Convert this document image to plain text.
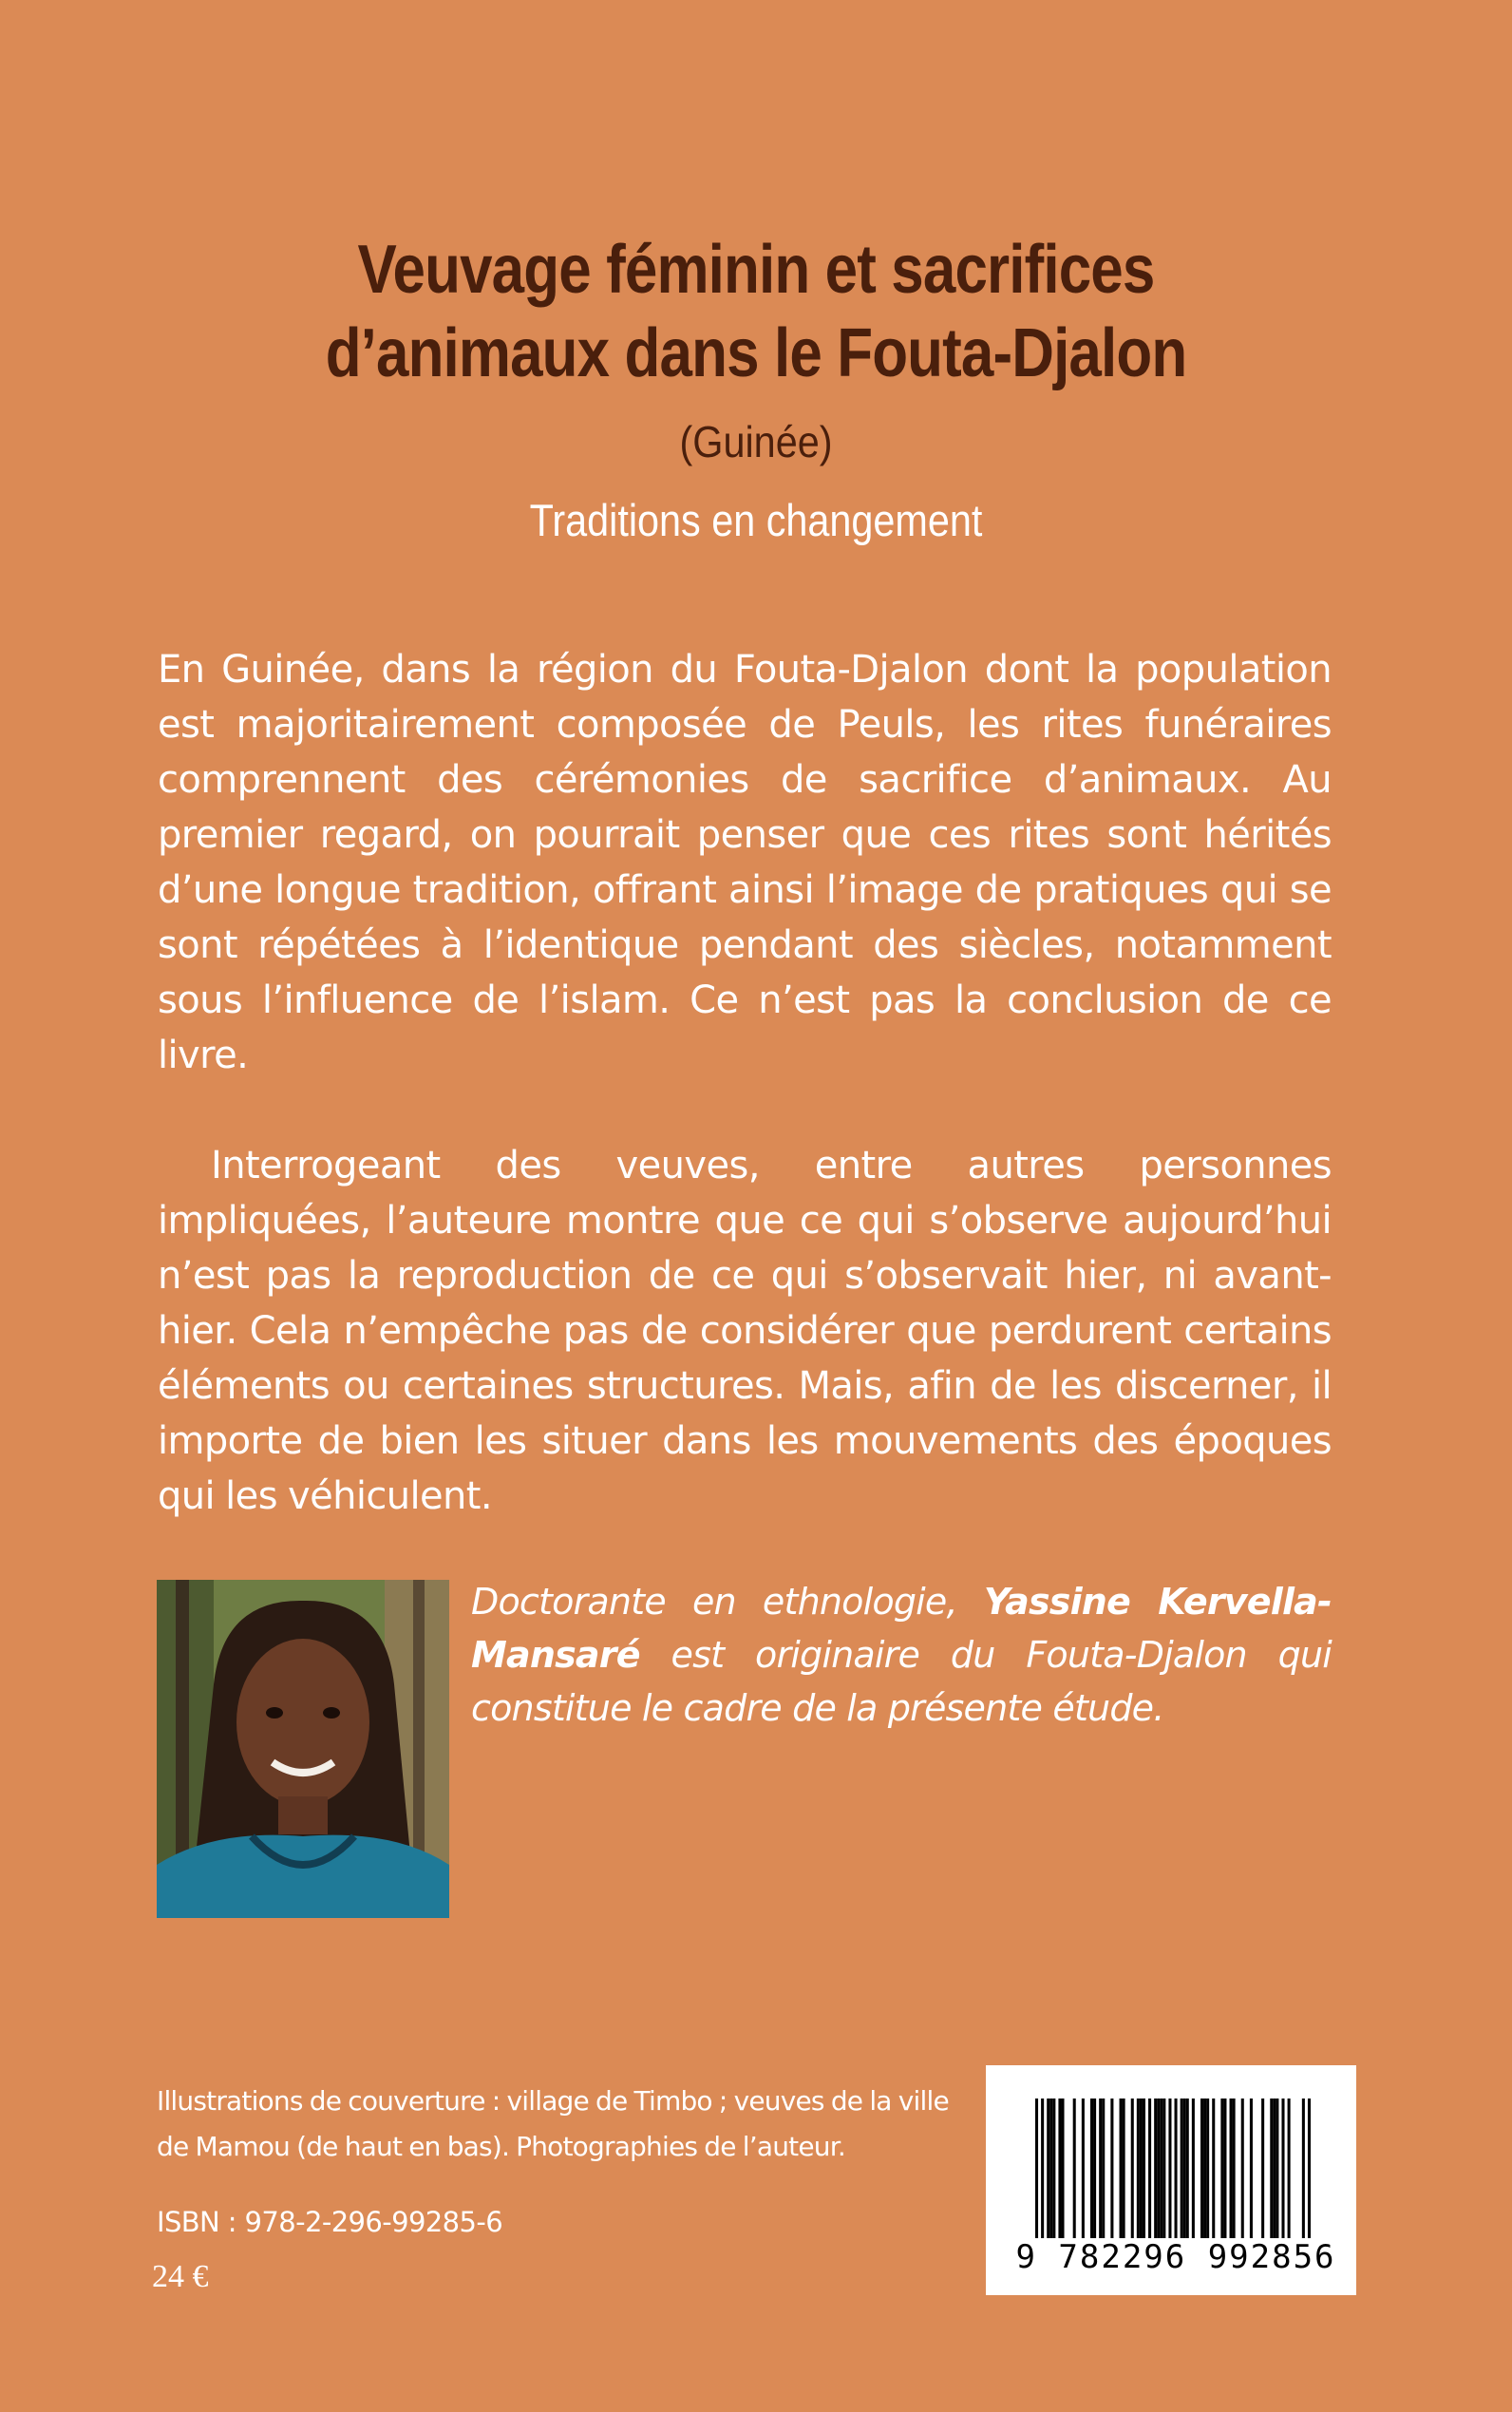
Veuvage féminin et sacrifices
d’animaux dans le Fouta-Djalon
(Guinée)
Traditions en changement

En Guinée, dans la région du Fouta-Djalon dont la population est majoritairement composée de Peuls, les rites funéraires comprennent des cérémonies de sacrifice d’animaux. Au premier regard, on pourrait penser que ces rites sont hérités d’une longue tradition, offrant ainsi l’image de pratiques qui se sont répétées à l’identique pendant des siècles, notamment sous l’influence de l’islam. Ce n’est pas la conclusion de ce livre.

Interrogeant des veuves, entre autres personnes impliquées, l’auteure montre que ce qui s’observe aujourd’hui n’est pas la reproduction de ce qui s’observait hier, ni avant-hier. Cela n’empêche pas de considérer que perdurent certains éléments ou certaines structures. Mais, afin de les discerner, il importe de bien les situer dans les mouvements des époques qui les véhiculent.

Doctorante en ethnologie, Yassine Kervella-Mansaré est originaire du Fouta-Djalon qui constitue le cadre de la présente étude.
Illustrations de couverture : village de Timbo ; veuves de la ville de Mamou (de haut en bas). Photographies de l’auteur.
ISBN : 978-2-296-99285-6
24 €
9 782296 992856
